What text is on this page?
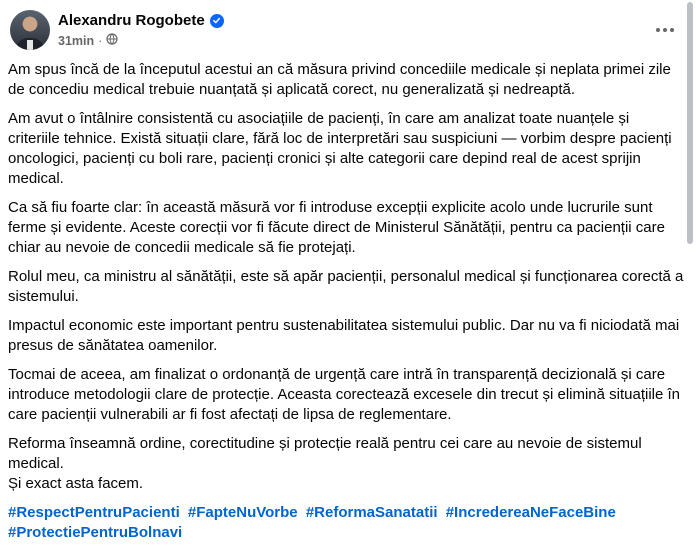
Alexandru Rogobete
31min ·

Am spus încă de la începutul acestui an că măsura privind concediile medicale și neplata primei zile de concediu medical trebuie nuanțată și aplicată corect, nu generalizată și nedreaptă.

Am avut o întâlnire consistentă cu asociațiile de pacienți, în care am analizat toate nuanțele și criteriile tehnice. Există situații clare, fără loc de interpretări sau suspiciuni — vorbim despre pacienți oncologici, pacienți cu boli rare, pacienți cronici și alte categorii care depind real de acest sprijin medical.

Ca să fiu foarte clar: în această măsură vor fi introduse excepții explicite acolo unde lucrurile sunt ferme și evidente. Aceste corecții vor fi făcute direct de Ministerul Sănătății, pentru ca pacienții care chiar au nevoie de concedii medicale să fie protejați.

Rolul meu, ca ministru al sănătății, este să apăr pacienții, personalul medical și funcționarea corectă a sistemului.

Impactul economic este important pentru sustenabilitatea sistemului public. Dar nu va fi niciodată mai presus de sănătatea oamenilor.

Tocmai de aceea, am finalizat o ordonanță de urgență care intră în transparență decizională și care introduce metodologii clare de protecție. Aceasta corectează excesele din trecut și elimină situațiile în care pacienții vulnerabili ar fi fost afectați de lipsa de reglementare.

Reforma înseamnă ordine, corectitudine și protecție reală pentru cei care au nevoie de sistemul medical.

Și exact asta facem.

#RespectPentruPacienti #FapteNuVorbe #ReformaSanatatii #IncredereaNeFaceBine #ProtectiePentruBolnavi
